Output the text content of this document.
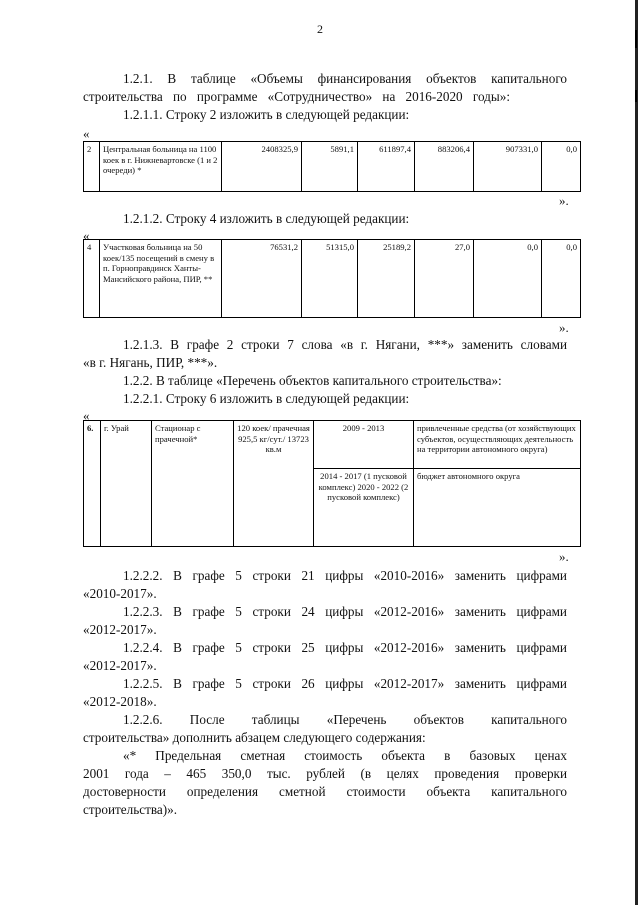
2
1.2.1. В таблице «Объемы финансирования объектов капитального
строительства по программе «Сотрудничество» на 2016-2020 годы»:
1.2.1.1. Строку 2 изложить в следующей редакции:
«
2	Центральная больница на 1100 коек в г. Нижневартовске (1 и 2 очереди) *	2408325,9	5891,1	611897,4	883206,4	907331,0	0,0
».
1.2.1.2. Строку 4 изложить в следующей редакции:
«
4	Участковая больница на 50 коек/135 посещений в смену в п. Горноправдинск Ханты-Мансийского района, ПИР, **	76531,2	51315,0	25189,2	27,0	0,0	0,0
».
1.2.1.3. В графе 2 строки 7 слова «в г. Нягани, ***» заменить словами
«в г. Нягань, ПИР, ***».
1.2.2. В таблице «Перечень объектов капитального строительства»:
1.2.2.1. Строку 6 изложить в следующей редакции:
«
6.	г. Урай	Стационар с прачечной*	120 коек/ прачечная 925,5 кг/сут./ 13723 кв.м	2009 - 2013	привлеченные средства (от хозяйствующих субъектов, осуществляющих деятельность на территории автономного округа)
				2014 - 2017 (1 пусковой комплекс) 2020 - 2022 (2 пусковой комплекс)	бюджет автономного округа
».
1.2.2.2. В графе 5 строки 21 цифры «2010-2016» заменить цифрами
«2010-2017».
1.2.2.3. В графе 5 строки 24 цифры «2012-2016» заменить цифрами
«2012-2017».
1.2.2.4. В графе 5 строки 25 цифры «2012-2016» заменить цифрами
«2012-2017».
1.2.2.5. В графе 5 строки 26 цифры «2012-2017» заменить цифрами
«2012-2018».
1.2.2.6. После таблицы «Перечень объектов капитального
строительства» дополнить абзацем следующего содержания:
«* Предельная сметная стоимость объекта в базовых ценах
2001 года – 465 350,0 тыс. рублей (в целях проведения проверки
достоверности определения сметной стоимости объекта капитального
строительства)».
